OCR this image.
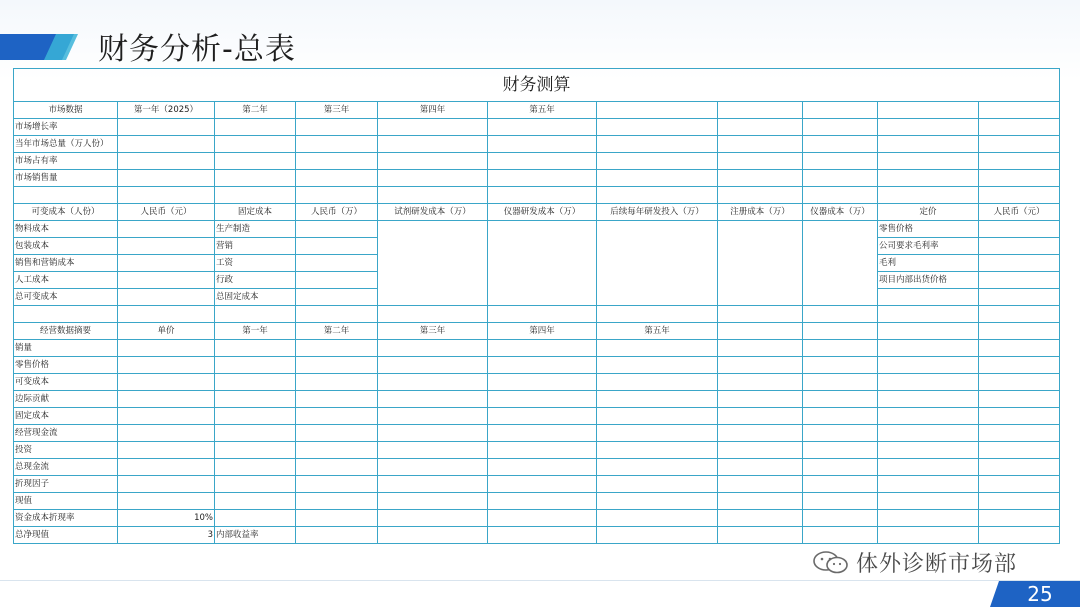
财务分析-总表
财务测算										
市场数据	第一年（2025）	第二年	第三年	第四年	第五年					
市场增长率										
当年市场总量（万人份）										
市场占有率										
市场销售量										

可变成本（人份）	人民币（元）	固定成本	人民币（万）	试剂研发成本（万）	仪器研发成本（万）	后续每年研发投入（万）	注册成本（万）	仪器成本（万）	定价	人民币（元）
物料成本		生产制造							零售价格	
包装成本		营销							公司要求毛利率	
销售和营销成本		工资							毛利	
人工成本		行政							项目内部出货价格	
总可变成本		总固定成本								

经营数据摘要	单价	第一年	第二年	第三年	第四年	第五年				
销量										
零售价格										
可变成本										
边际贡献										
固定成本										
经营现金流										
投资										
总现金流										
折现因子										
现值										
资金成本折现率	10%									
总净现值	3	内部收益率								
体外诊断市场部
25
